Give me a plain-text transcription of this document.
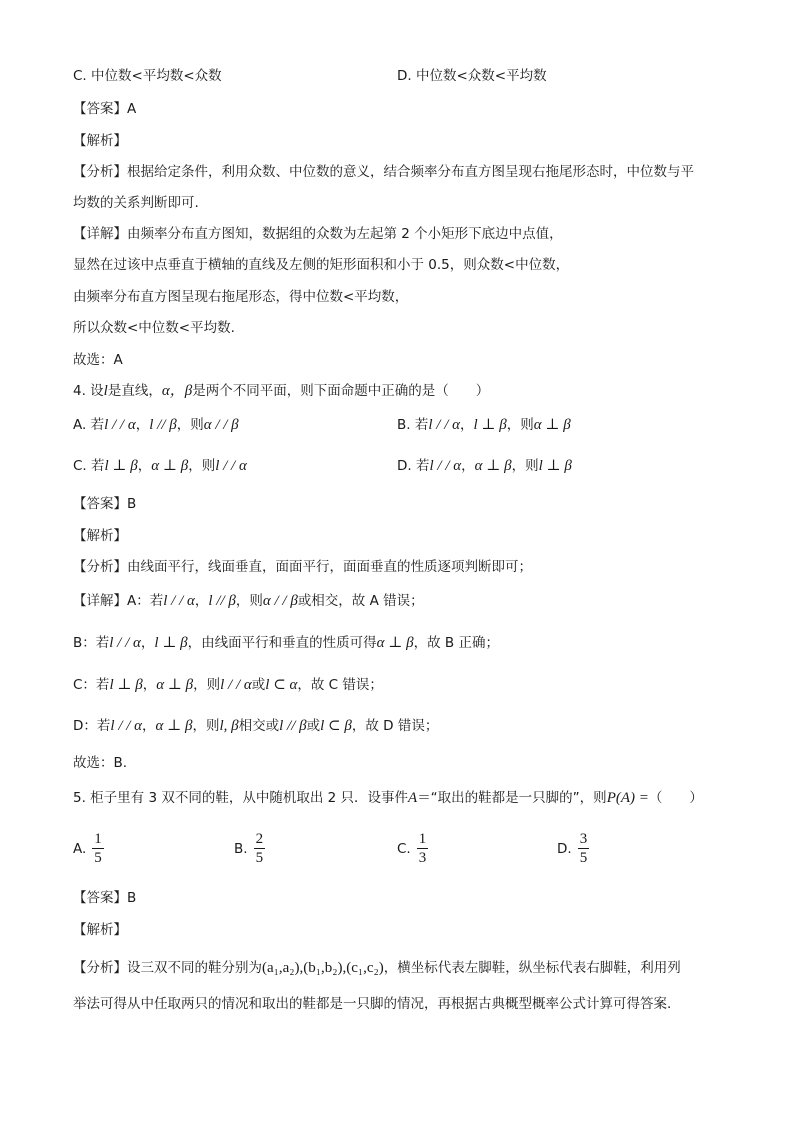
C. 中位数<平均数<众数	D. 中位数<众数<平均数
【答案】A
【解析】
【分析】根据给定条件，利用众数、中位数的意义，结合频率分布直方图呈现右拖尾形态时，中位数与平
均数的关系判断即可.
【详解】由频率分布直方图知，数据组的众数为左起第 2 个小矩形下底边中点值，
显然在过该中点垂直于横轴的直线及左侧的矩形面积和小于 0.5，则众数<中位数，
由频率分布直方图呈现右拖尾形态，得中位数<平均数，
所以众数<中位数<平均数.
故选：A
4. 设l是直线，α，β是两个不同平面，则下面命题中正确的是（　　）
A. 若l / / α，l // β，则α / / β	B. 若l / / α，l ⊥ β，则α ⊥ β
C. 若l ⊥ β，α ⊥ β，则l / / α	D. 若l / / α，α ⊥ β，则l ⊥ β
【答案】B
【解析】
【分析】由线面平行，线面垂直，面面平行，面面垂直的性质逐项判断即可；
【详解】A：若l / / α，l // β，则α / / β或相交，故 A 错误；
B：若l / / α，l ⊥ β，由线面平行和垂直的性质可得α ⊥ β，故 B 正确；
C：若l ⊥ β，α ⊥ β，则l / / α或l ⊂ α，故 C 错误；
D：若l / / α，α ⊥ β，则l, β相交或l // β或l ⊂ β，故 D 错误；
故选：B.
5. 柜子里有 3 双不同的鞋，从中随机取出 2 只．设事件A＝“取出的鞋都是一只脚的”，则P(A) =（　　）
A. $\frac{1}{5}$	B. $\frac{2}{5}$	C. $\frac{1}{3}$	D. $\frac{3}{5}$
【答案】B
【解析】
【分析】设三双不同的鞋分别为(a₁,a₂),(b₁,b₂),(c₁,c₂)，横坐标代表左脚鞋，纵坐标代表右脚鞋，利用列
举法可得从中任取两只的情况和取出的鞋都是一只脚的情况，再根据古典概型概率公式计算可得答案.
